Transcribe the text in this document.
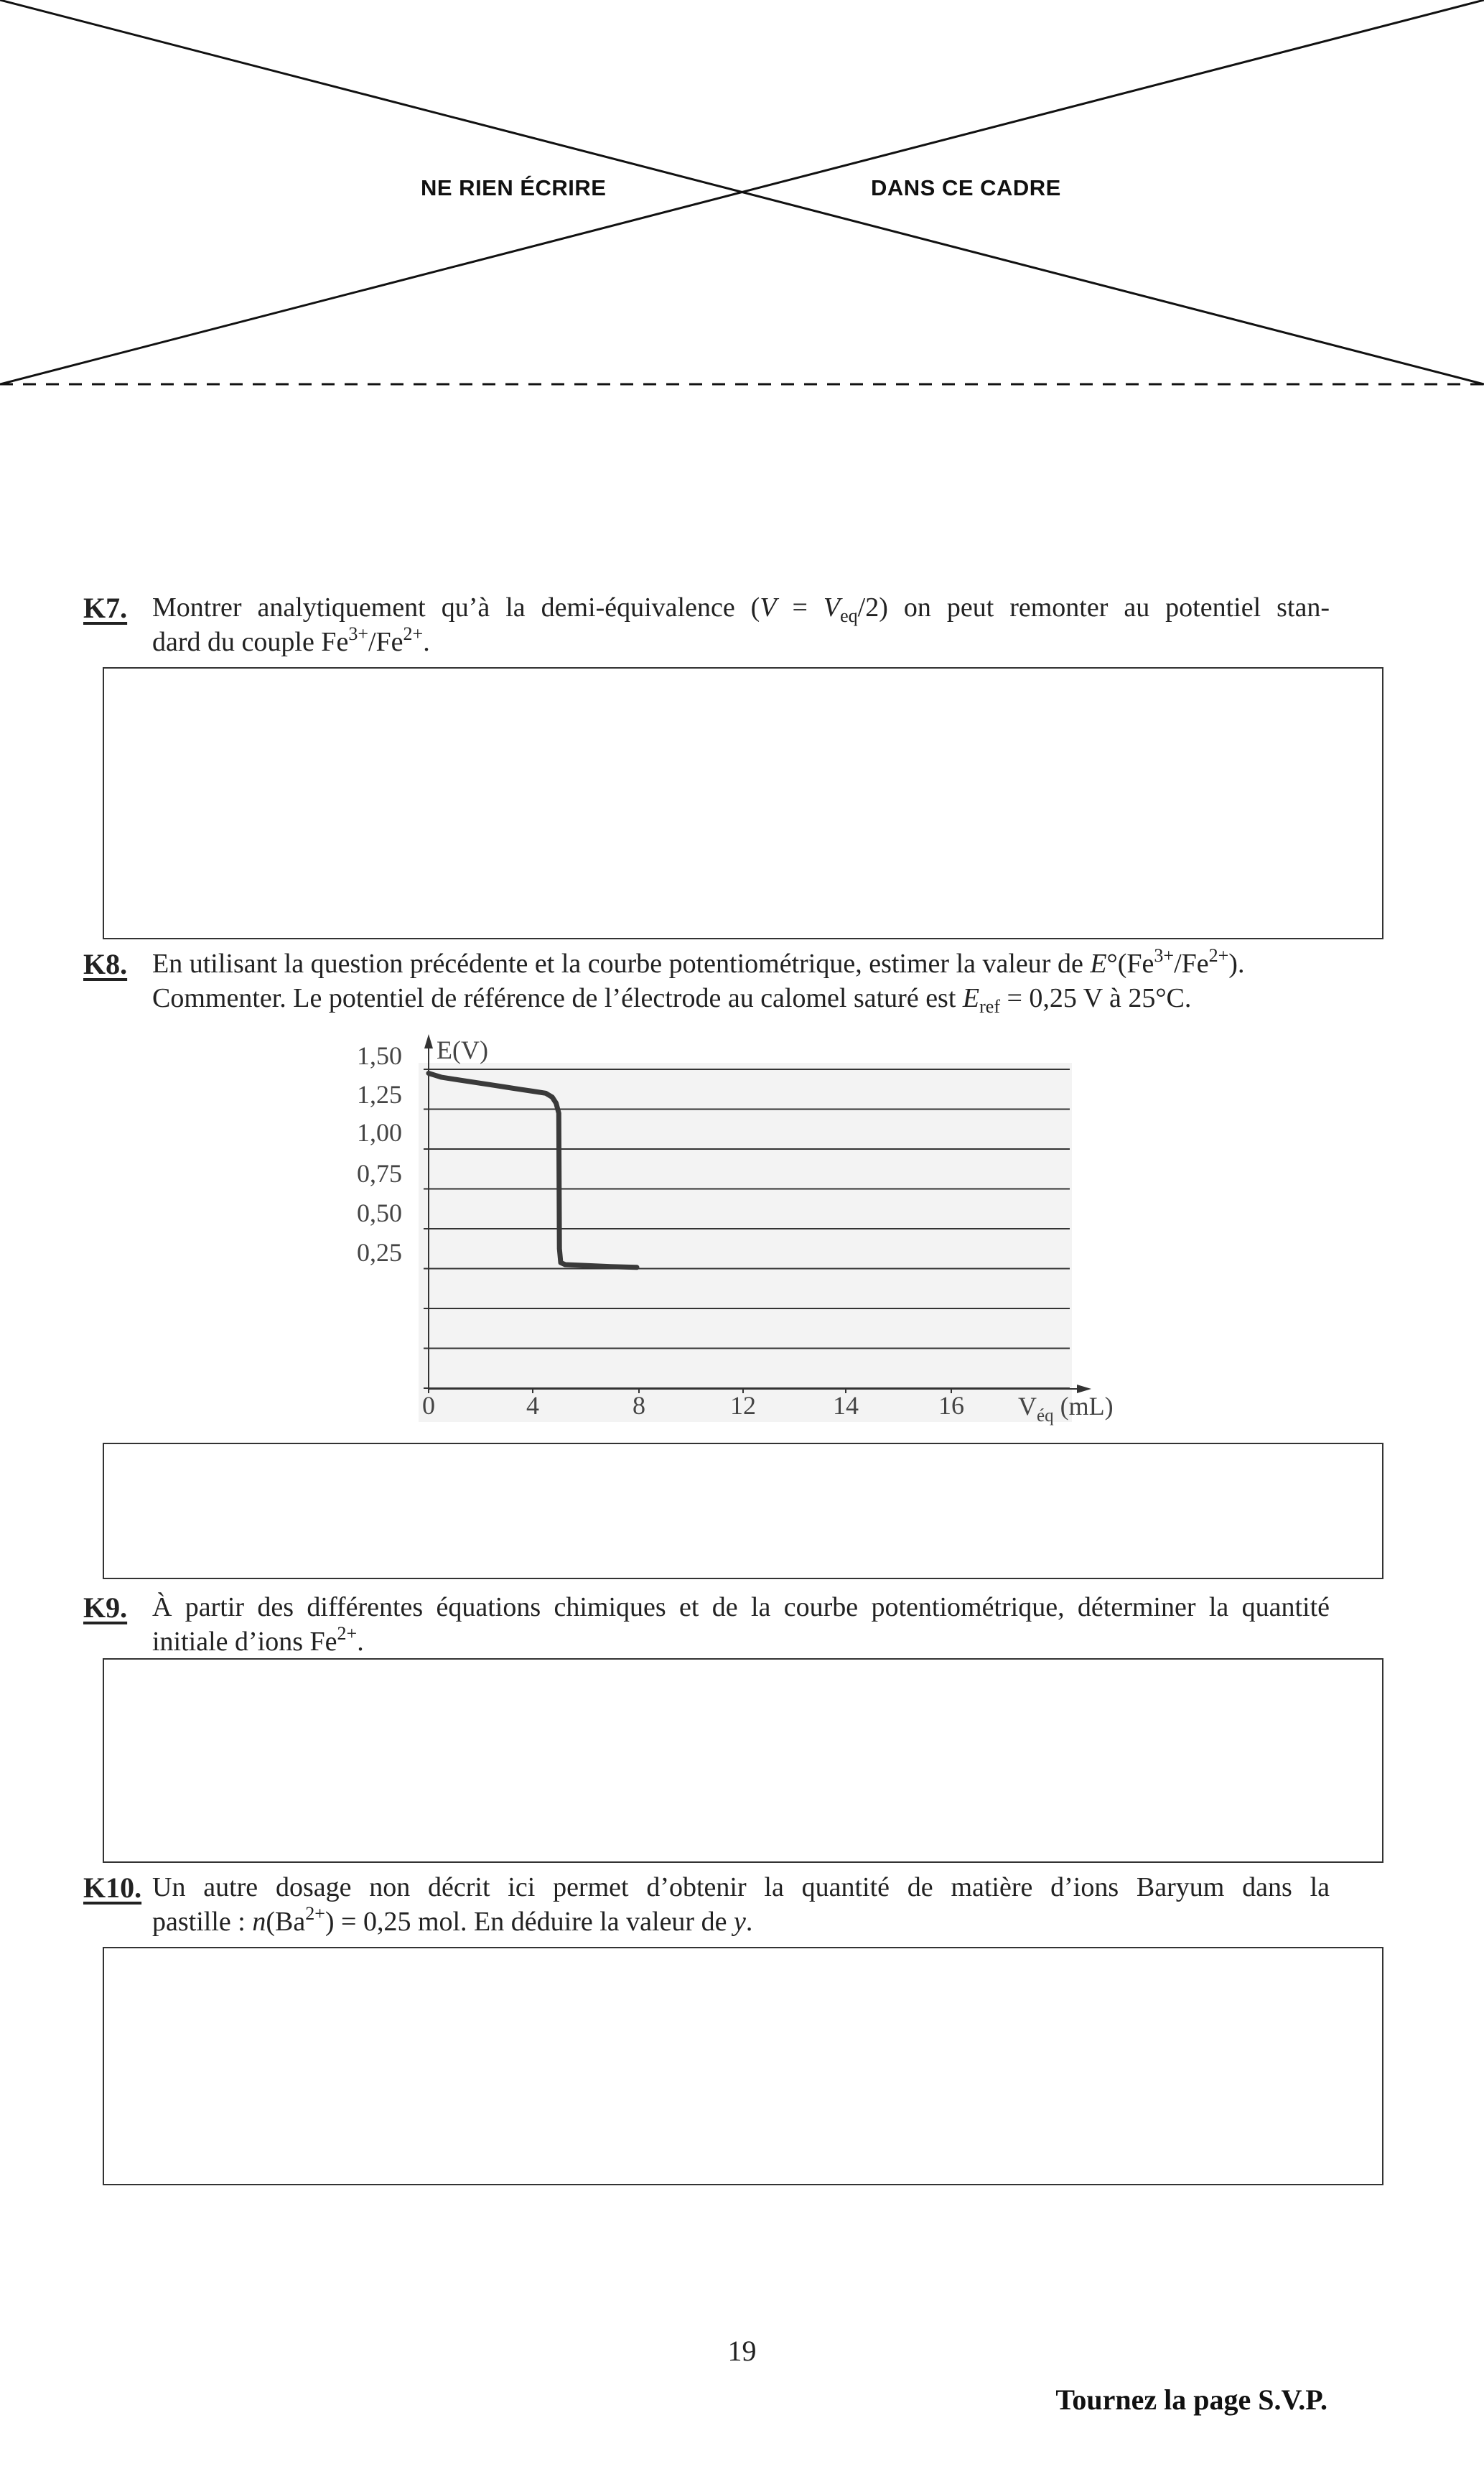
NE RIEN ÉCRIRE	DANS CE CADRE
K7. Montrer analytiquement qu’à la demi-équivalence $(V = V_{eq}/2)$ on peut remonter au potentiel stan-
dard du couple $Fe^{3+}/Fe^{2+}$.
K8. En utilisant la question précédente et la courbe potentiométrique, estimer la valeur de $E^\circ(Fe^{3+}/Fe^{2+})$.
Commenter. Le potentiel de référence de l’électrode au calomel saturé est $E_{ref} = 0,25$ V à 25°C.
E(V)
1,50
1,25
1,00
0,75
0,50
0,25
0	4	8	12	14	16 $V_{éq}$ (mL)
K9. À partir des différentes équations chimiques et de la courbe potentiométrique, déterminer la quantité
initiale d’ions $Fe^{2+}$.
K10. Un autre dosage non décrit ici permet d’obtenir la quantité de matière d’ions Baryum dans la
pastille : $n(Ba^{2+}) = 0,25$ mol. En déduire la valeur de y.
19
Tournez la page S.V.P.
